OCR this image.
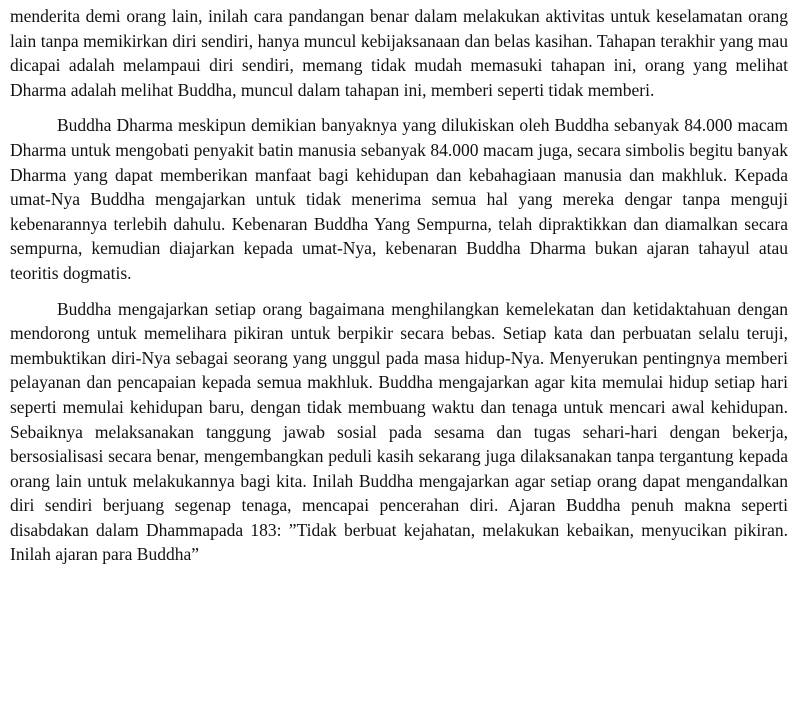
menderita demi orang lain, inilah cara pandangan benar dalam melakukan aktivitas untuk keselamatan orang lain tanpa memikirkan diri sendiri, hanya muncul kebijaksanaan dan belas kasihan. Tahapan terakhir yang mau dicapai adalah melampaui diri sendiri, memang tidak mudah memasuki tahapan ini, orang yang melihat Dharma adalah melihat Buddha, muncul dalam tahapan ini, memberi seperti tidak memberi.

Buddha Dharma meskipun demikian banyaknya yang dilukiskan oleh Buddha sebanyak 84.000 macam Dharma untuk mengobati penyakit batin manusia sebanyak 84.000 macam juga, secara simbolis begitu banyak Dharma yang dapat memberikan manfaat bagi kehidupan dan kebahagiaan manusia dan makhluk. Kepada umat-Nya Buddha mengajarkan untuk tidak menerima semua hal yang mereka dengar tanpa menguji kebenarannya terlebih dahulu. Kebenaran Buddha Yang Sempurna, telah dipraktikkan dan diamalkan secara sempurna, kemudian diajarkan kepada umat-Nya, kebenaran Buddha Dharma bukan ajaran tahayul atau teoritis dogmatis.

Buddha mengajarkan setiap orang bagaimana menghilangkan kemelekatan dan ketidaktahuan dengan mendorong untuk memelihara pikiran untuk berpikir secara bebas. Setiap kata dan perbuatan selalu teruji, membuktikan diri-Nya sebagai seorang yang unggul pada masa hidup-Nya. Menyerukan pentingnya memberi pelayanan dan pencapaian kepada semua makhluk. Buddha mengajarkan agar kita memulai hidup setiap hari seperti memulai kehidupan baru, dengan tidak membuang waktu dan tenaga untuk mencari awal kehidupan. Sebaiknya melaksanakan tanggung jawab sosial pada sesama dan tugas sehari-hari dengan bekerja, bersosialisasi secara benar, mengembangkan peduli kasih sekarang juga dilaksanakan tanpa tergantung kepada orang lain untuk melakukannya bagi kita. Inilah Buddha mengajarkan agar setiap orang dapat mengandalkan diri sendiri berjuang segenap tenaga, mencapai pencerahan diri. Ajaran Buddha penuh makna seperti disabdakan dalam Dhammapada 183: ”Tidak berbuat kejahatan, melakukan kebaikan, menyucikan pikiran. Inilah ajaran para Buddha”
